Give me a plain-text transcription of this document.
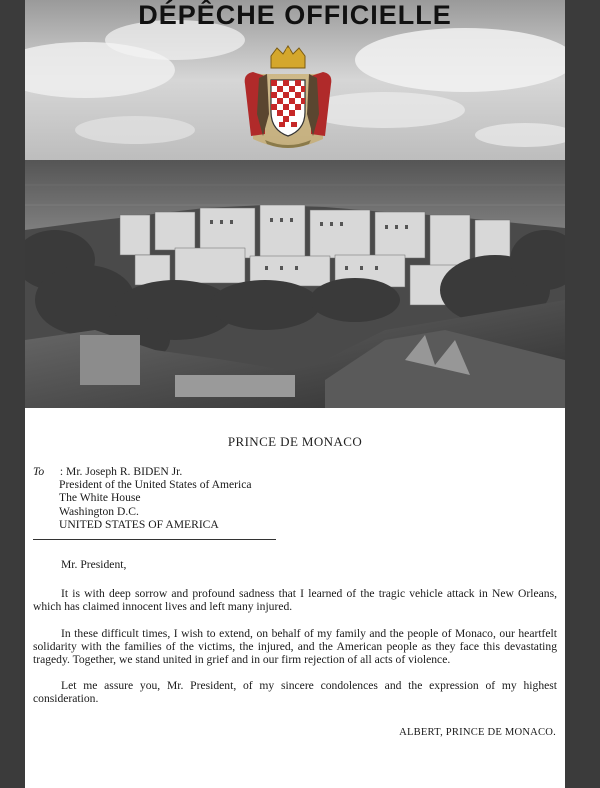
DÉPÊCHE OFFICIELLE
PRINCE DE MONACO
To : Mr. Joseph R. BIDEN Jr.
President of the United States of America
The White House
Washington D.C.
UNITED STATES OF AMERICA

Mr. President,

It is with deep sorrow and profound sadness that I learned of the tragic vehicle attack in New Orleans, which has claimed innocent lives and left many injured.

In these difficult times, I wish to extend, on behalf of my family and the people of Monaco, our heartfelt solidarity with the families of the victims, the injured, and the American people as they face this devastating tragedy. Together, we stand united in grief and in our firm rejection of all acts of violence.

Let me assure you, Mr. President, of my sincere condolences and the expression of my highest consideration.

ALBERT, PRINCE DE MONACO.
